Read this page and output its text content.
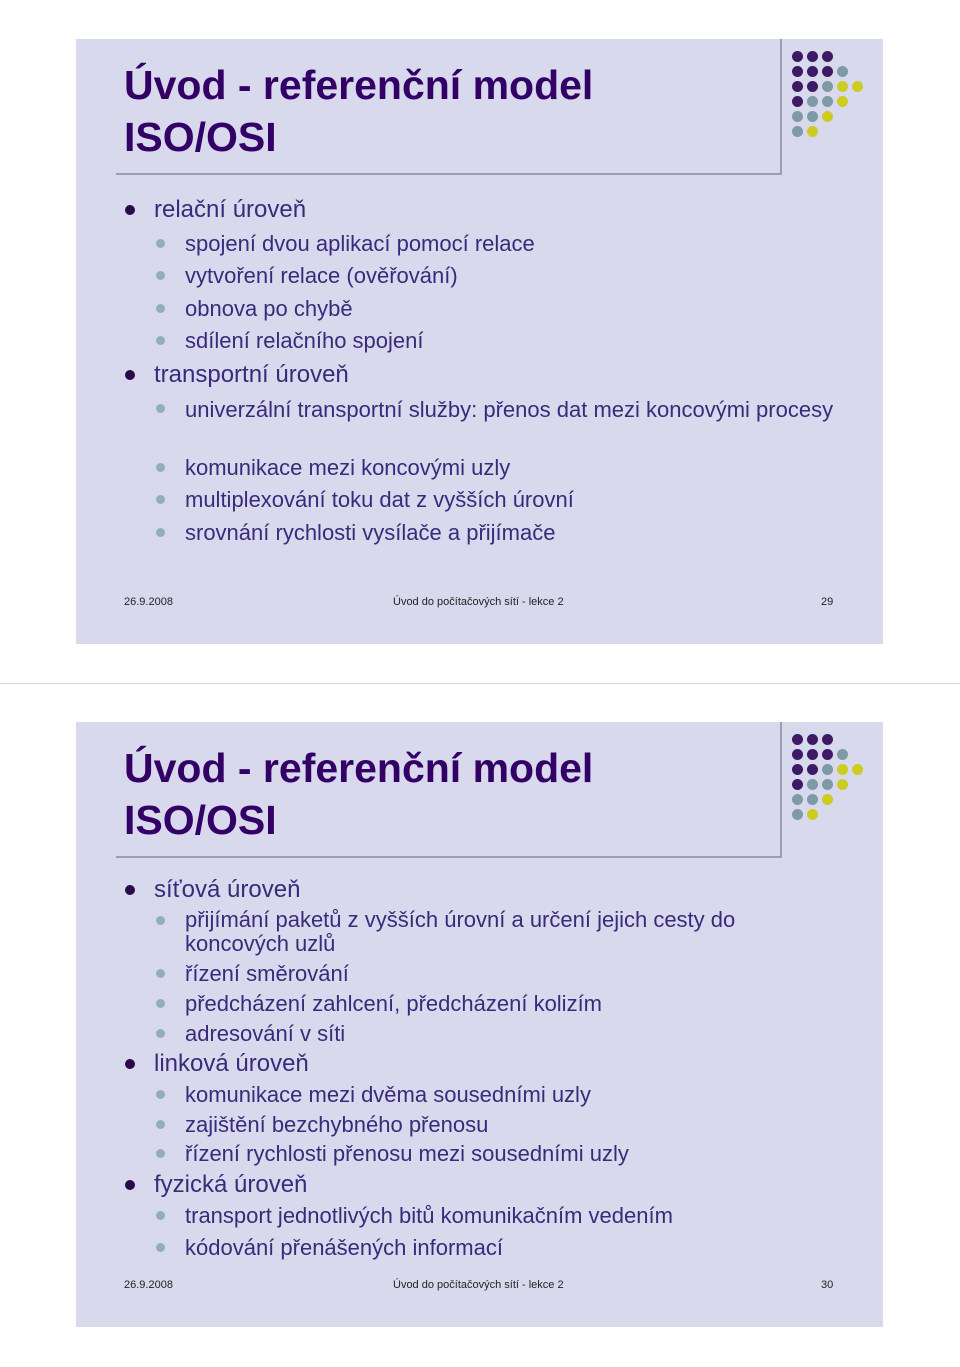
Úvod - referenční model
ISO/OSI
relační úroveň
spojení dvou aplikací pomocí relace
vytvoření relace (ověřování)
obnova po chybě
sdílení relačního spojení
transportní úroveň
univerzální transportní služby: přenos dat mezi koncovými procesy
komunikace mezi koncovými uzly
multiplexování toku dat z vyšších úrovní
srovnání rychlosti vysílače a přijímače
26.9.2008	Úvod do počítačových sítí - lekce 2	29
Úvod - referenční model
ISO/OSI
síťová úroveň
přijímání paketů z vyšších úrovní a určení jejich cesty do koncových uzlů
řízení směrování
předcházení zahlcení, předcházení kolizím
adresování v síti
linková úroveň
komunikace mezi dvěma sousedními uzly
zajištění bezchybného přenosu
řízení rychlosti přenosu mezi sousedními uzly
fyzická úroveň
transport jednotlivých bitů komunikačním vedením
kódování přenášených informací
26.9.2008	Úvod do počítačových sítí - lekce 2	30
